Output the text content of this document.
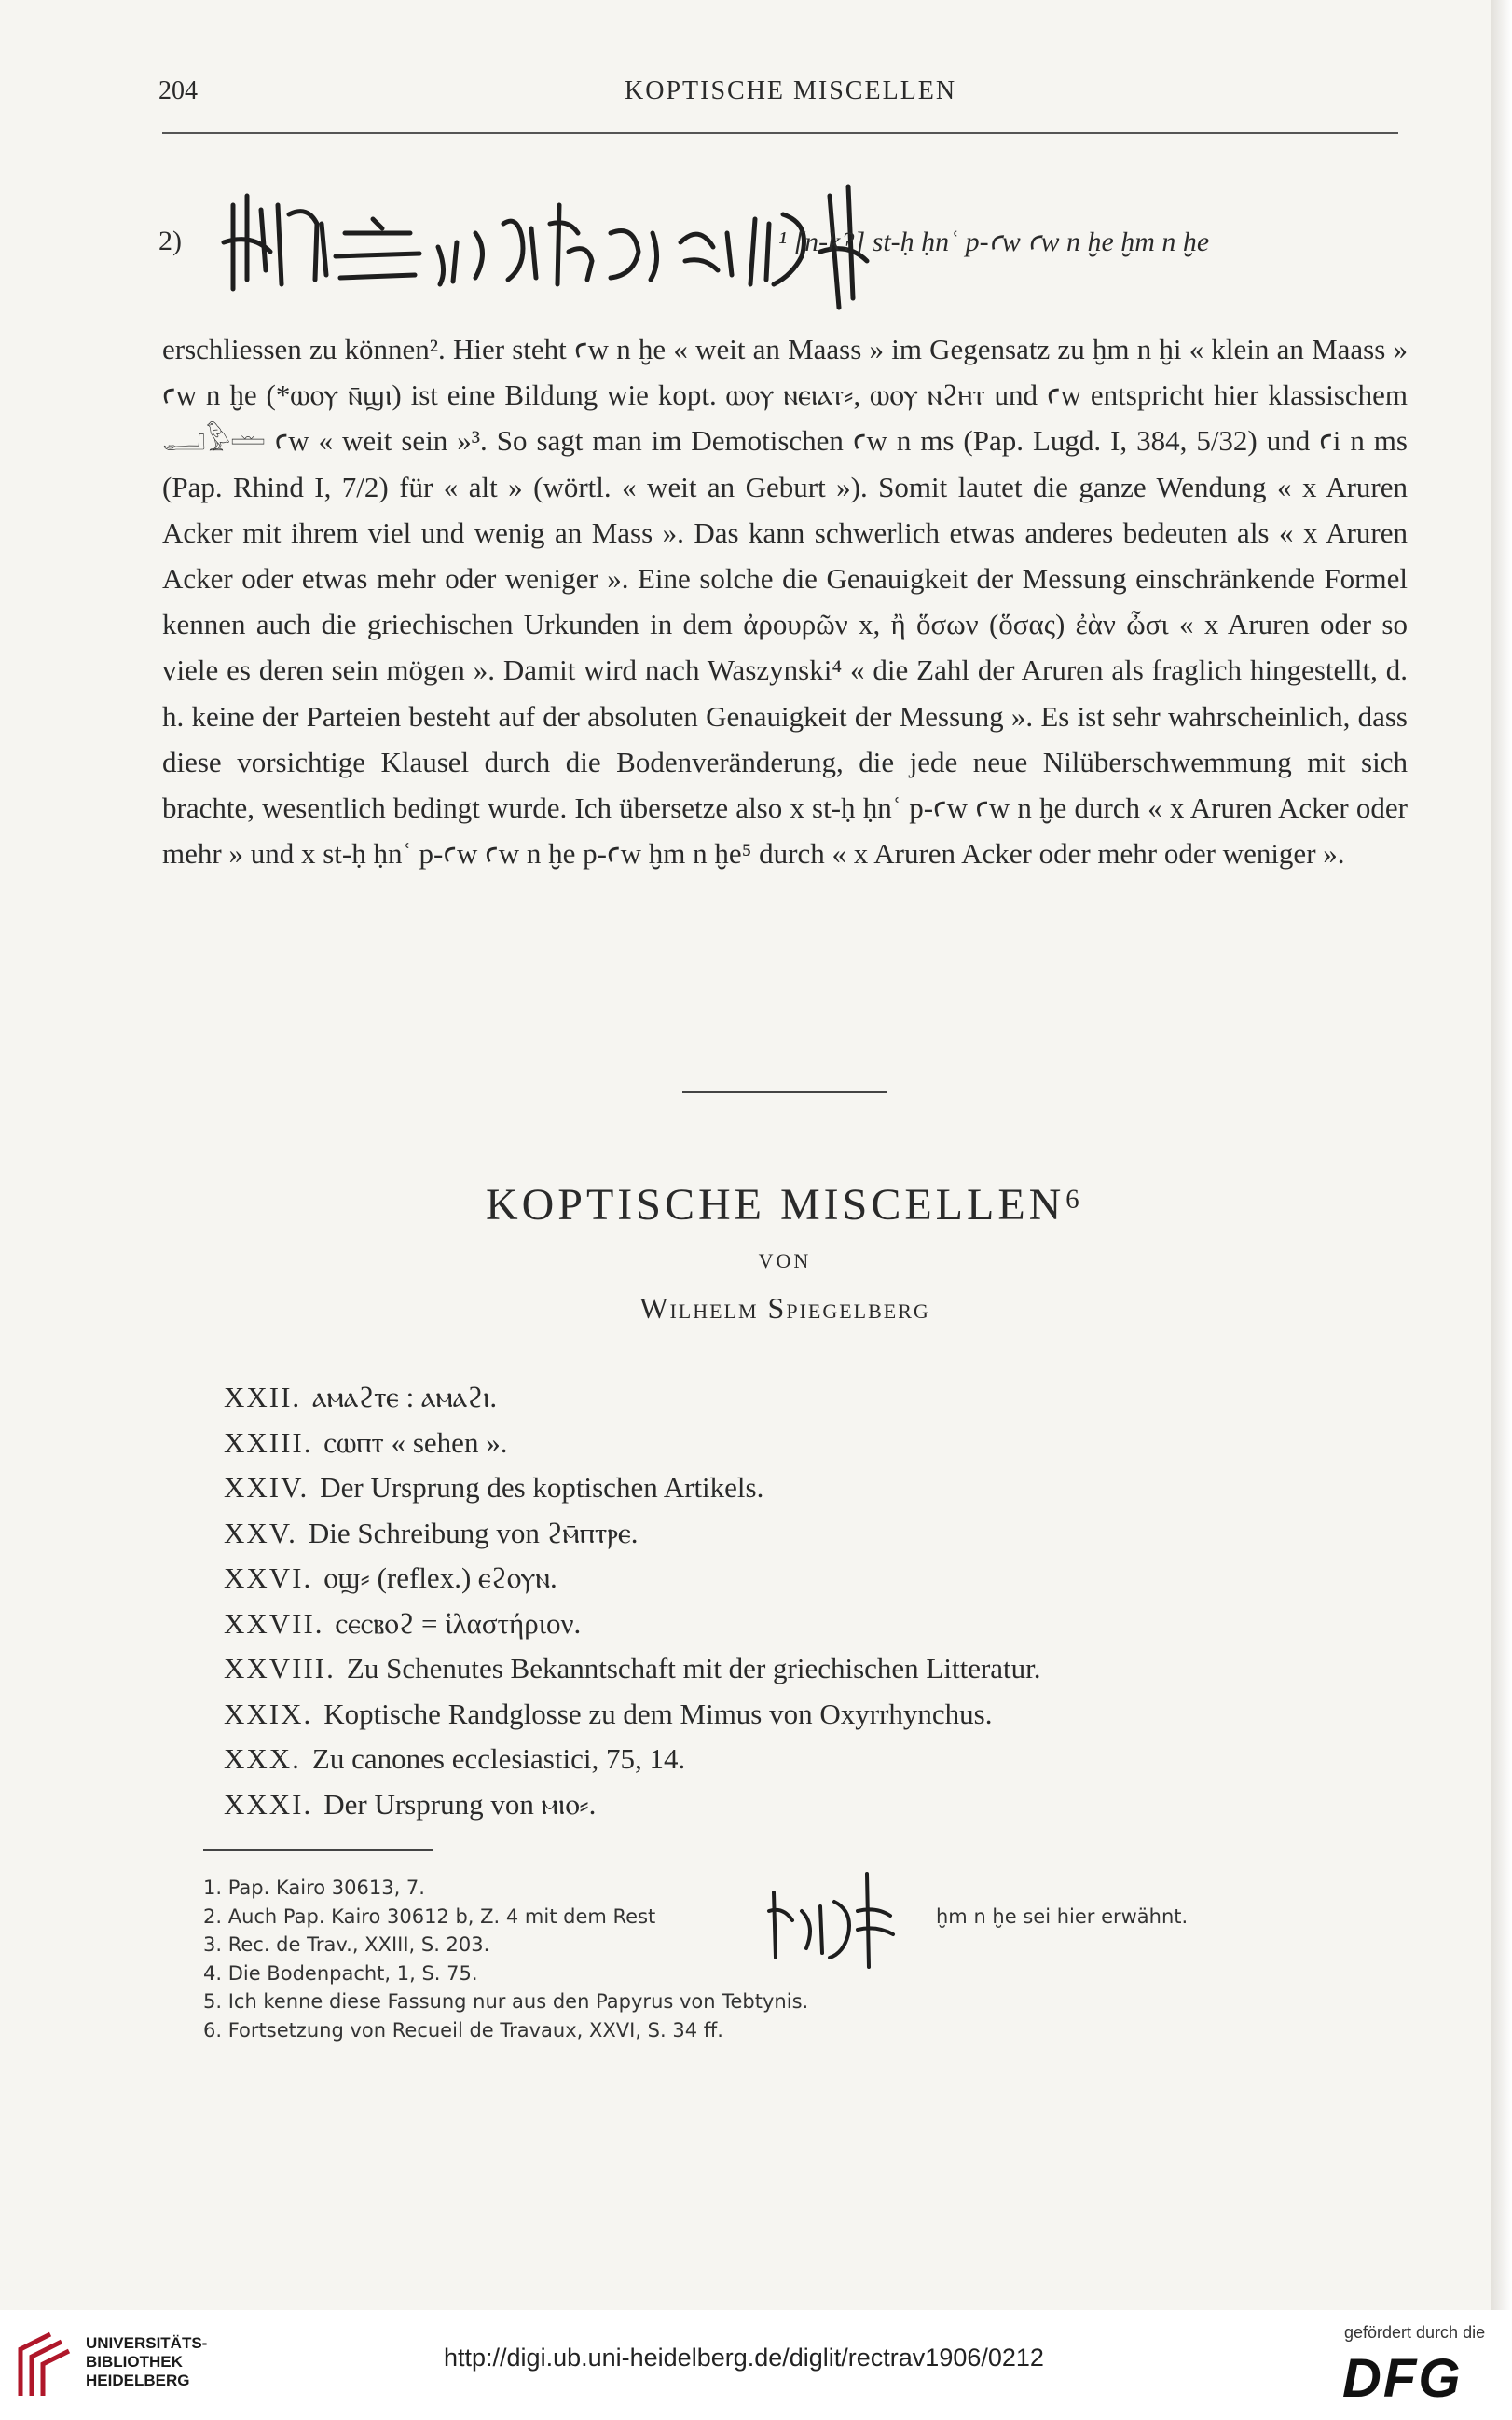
204	KOPTISCHE MISCELLEN
2)	¹ [n-k?] st-ḥ ḥnʿ p-ꜥw ꜥw n ḫe ḫm n ḫe

erschliessen zu können². Hier steht ꜥw n ḫe « weit an Maass » im Gegensatz zu ḫm n ḫi « klein an Maass » ꜥw n ḫe (*ⲱⲟⲩ ⲛ̄ϣⲓ) ist eine Bildung wie kopt. ⲱⲟⲩ ⲛⲉⲓⲁⲧ⸗, ⲱⲟⲩ ⲛϩⲏⲧ und ꜥw entspricht hier klassischem 𓂝𓅱𓏛 ꜥw « weit sein »³. So sagt man im Demotischen ꜥw n ms (Pap. Lugd. I, 384, 5/32) und ꜥi n ms (Pap. Rhind I, 7/2) für « alt » (wörtl. « weit an Geburt »). Somit lautet die ganze Wendung « x Aruren Acker mit ihrem viel und wenig an Mass ». Das kann schwerlich etwas anderes bedeuten als « x Aruren Acker oder etwas mehr oder weniger ». Eine solche die Genauigkeit der Messung einschränkende Formel kennen auch die griechischen Urkunden in dem ἀρουρῶν x, ἢ ὅσων (ὅσας) ἐὰν ὦσι « x Aruren oder so viele es deren sein mögen ». Damit wird nach Waszynski⁴ « die Zahl der Aruren als fraglich hingestellt, d. h. keine der Parteien besteht auf der absoluten Genauigkeit der Messung ». Es ist sehr wahrscheinlich, dass diese vorsichtige Klausel durch die Bodenveränderung, die jede neue Nilüberschwemmung mit sich brachte, wesentlich bedingt wurde. Ich übersetze also x st-ḥ ḥnʿ p-ꜥw ꜥw n ḫe durch « x Aruren Acker oder mehr » und x st-ḥ ḥnʿ p-ꜥw ꜥw n ḫe p-ꜥw ḫm n ḫe⁵ durch « x Aruren Acker oder mehr oder weniger ».

KOPTISCHE MISCELLEN⁶
VON
Wilhelm Spiegelberg
XXII. ⲁⲙⲁϩⲧⲉ : ⲁⲙⲁϩⲓ.
XXIII. ⲥⲱⲡⲧ « sehen ».
XXIV. Der Ursprung des koptischen Artikels.
XXV. Die Schreibung von ϩⲙ̄ⲡⲧⲣⲉ.
XXVI. ⲟϣ⸗ (reflex.) ⲉϩⲟⲩⲛ.
XXVII. ⲥⲉⲥⲃⲟϩ = ἱλαστήριον.
XXVIII. Zu Schenutes Bekanntschaft mit der griechischen Litteratur.
XXIX. Koptische Randglosse zu dem Mimus von Oxyrrhynchus.
XXX. Zu canones ecclesiastici, 75, 14.
XXXI. Der Ursprung von ⲙⲓⲟ⸗.
1. Pap. Kairo 30613, 7.
2. Auch Pap. Kairo 30612 b, Z. 4 mit dem Rest	ḫm n ḫe sei hier erwähnt.
3. Rec. de Trav., XXIII, S. 203.
4. Die Bodenpacht, 1, S. 75.
5. Ich kenne diese Fassung nur aus den Papyrus von Tebtynis.
6. Fortsetzung von Recueil de Travaux, XXVI, S. 34 ff.
UNIVERSITÄTS-
BIBLIOTHEK
HEIDELBERG
http://digi.ub.uni-heidelberg.de/diglit/rectrav1906/0212
gefördert durch die
DFG
